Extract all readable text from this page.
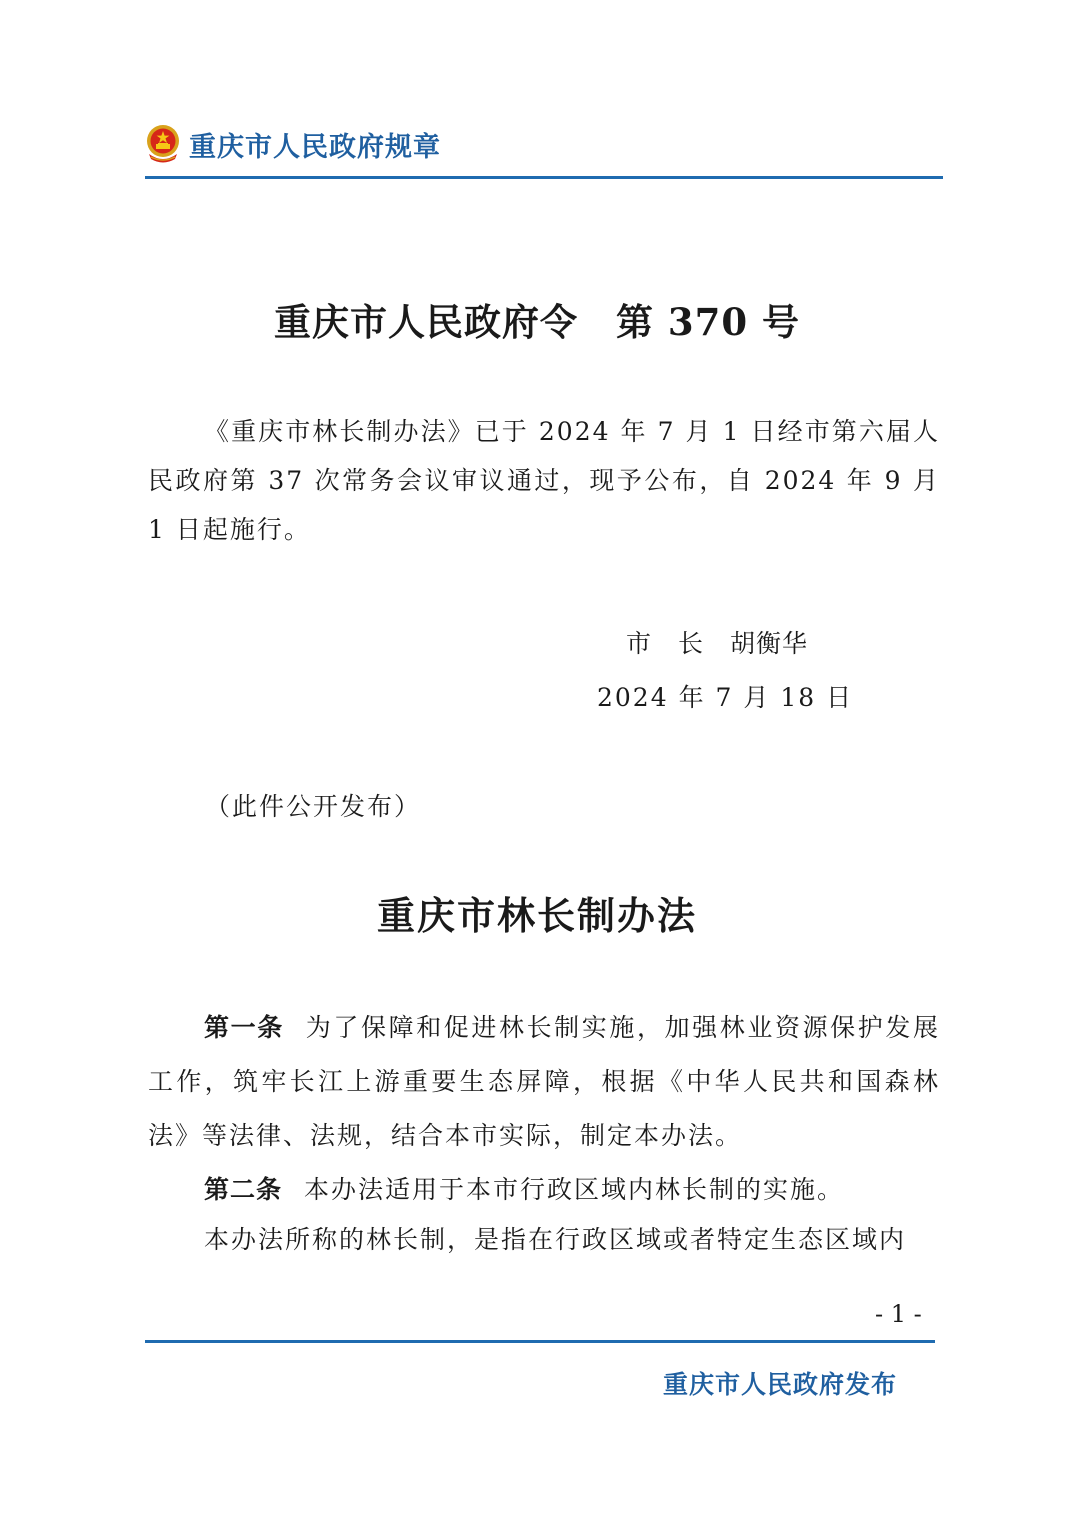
重庆市人民政府规章
重庆市人民政府令　第 370 号

《重庆市林长制办法》已于 2024 年 7 月 1 日经市第六届人民政府第 37 次常务会议审议通过，现予公布，自 2024 年 9 月 1 日起施行。

市　长　胡衡华
2024 年 7 月 18 日
（此件公开发布）
重庆市林长制办法

第一条 为了保障和促进林长制实施，加强林业资源保护发展工作，筑牢长江上游重要生态屏障，根据《中华人民共和国森林法》等法律、法规，结合本市实际，制定本办法。

第二条 本办法适用于本市行政区域内林长制的实施。

本办法所称的林长制，是指在行政区域或者特定生态区域内

- 1 -
重庆市人民政府发布
